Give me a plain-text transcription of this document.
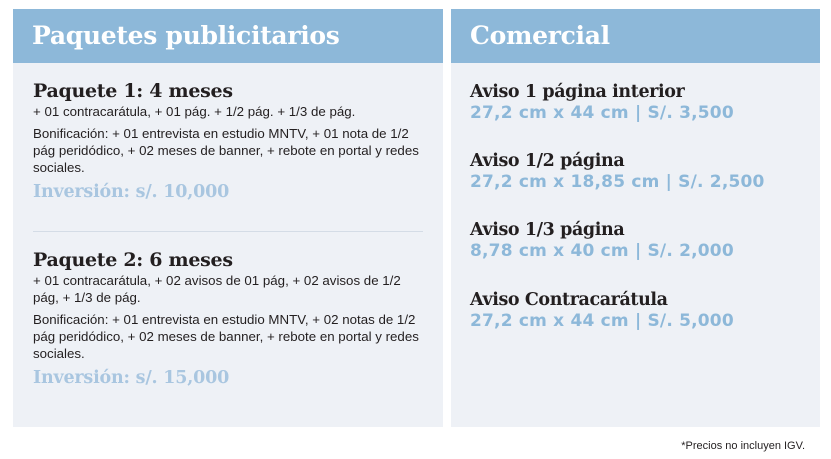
Paquetes publicitarios
Paquete 1: 4 meses
+ 01 contracarátula, + 01 pág. + 1/2 pág. + 1/3 de pág.
Bonificación: + 01 entrevista en estudio MNTV, + 01 nota de 1/2 pág peridódico, + 02 meses de banner, + rebote en portal y redes sociales.
Inversión: s/. 10,000
Paquete 2: 6 meses
+ 01 contracarátula, + 02 avisos de 01 pág, + 02 avisos de 1/2 pág, + 1/3 de pág.
Bonificación: + 01 entrevista en estudio MNTV, + 02 notas de 1/2 pág peridódico, + 02 meses de banner, + rebote en portal y redes sociales.
Inversión: s/. 15,000
Comercial
Aviso 1 página interior
27,2 cm x 44 cm | S/. 3,500
Aviso 1/2 página
27,2 cm x 18,85 cm | S/. 2,500
Aviso 1/3 página
8,78 cm x 40 cm | S/. 2,000
Aviso Contracarátula
27,2 cm x 44 cm | S/. 5,000
*Precios no incluyen IGV.
